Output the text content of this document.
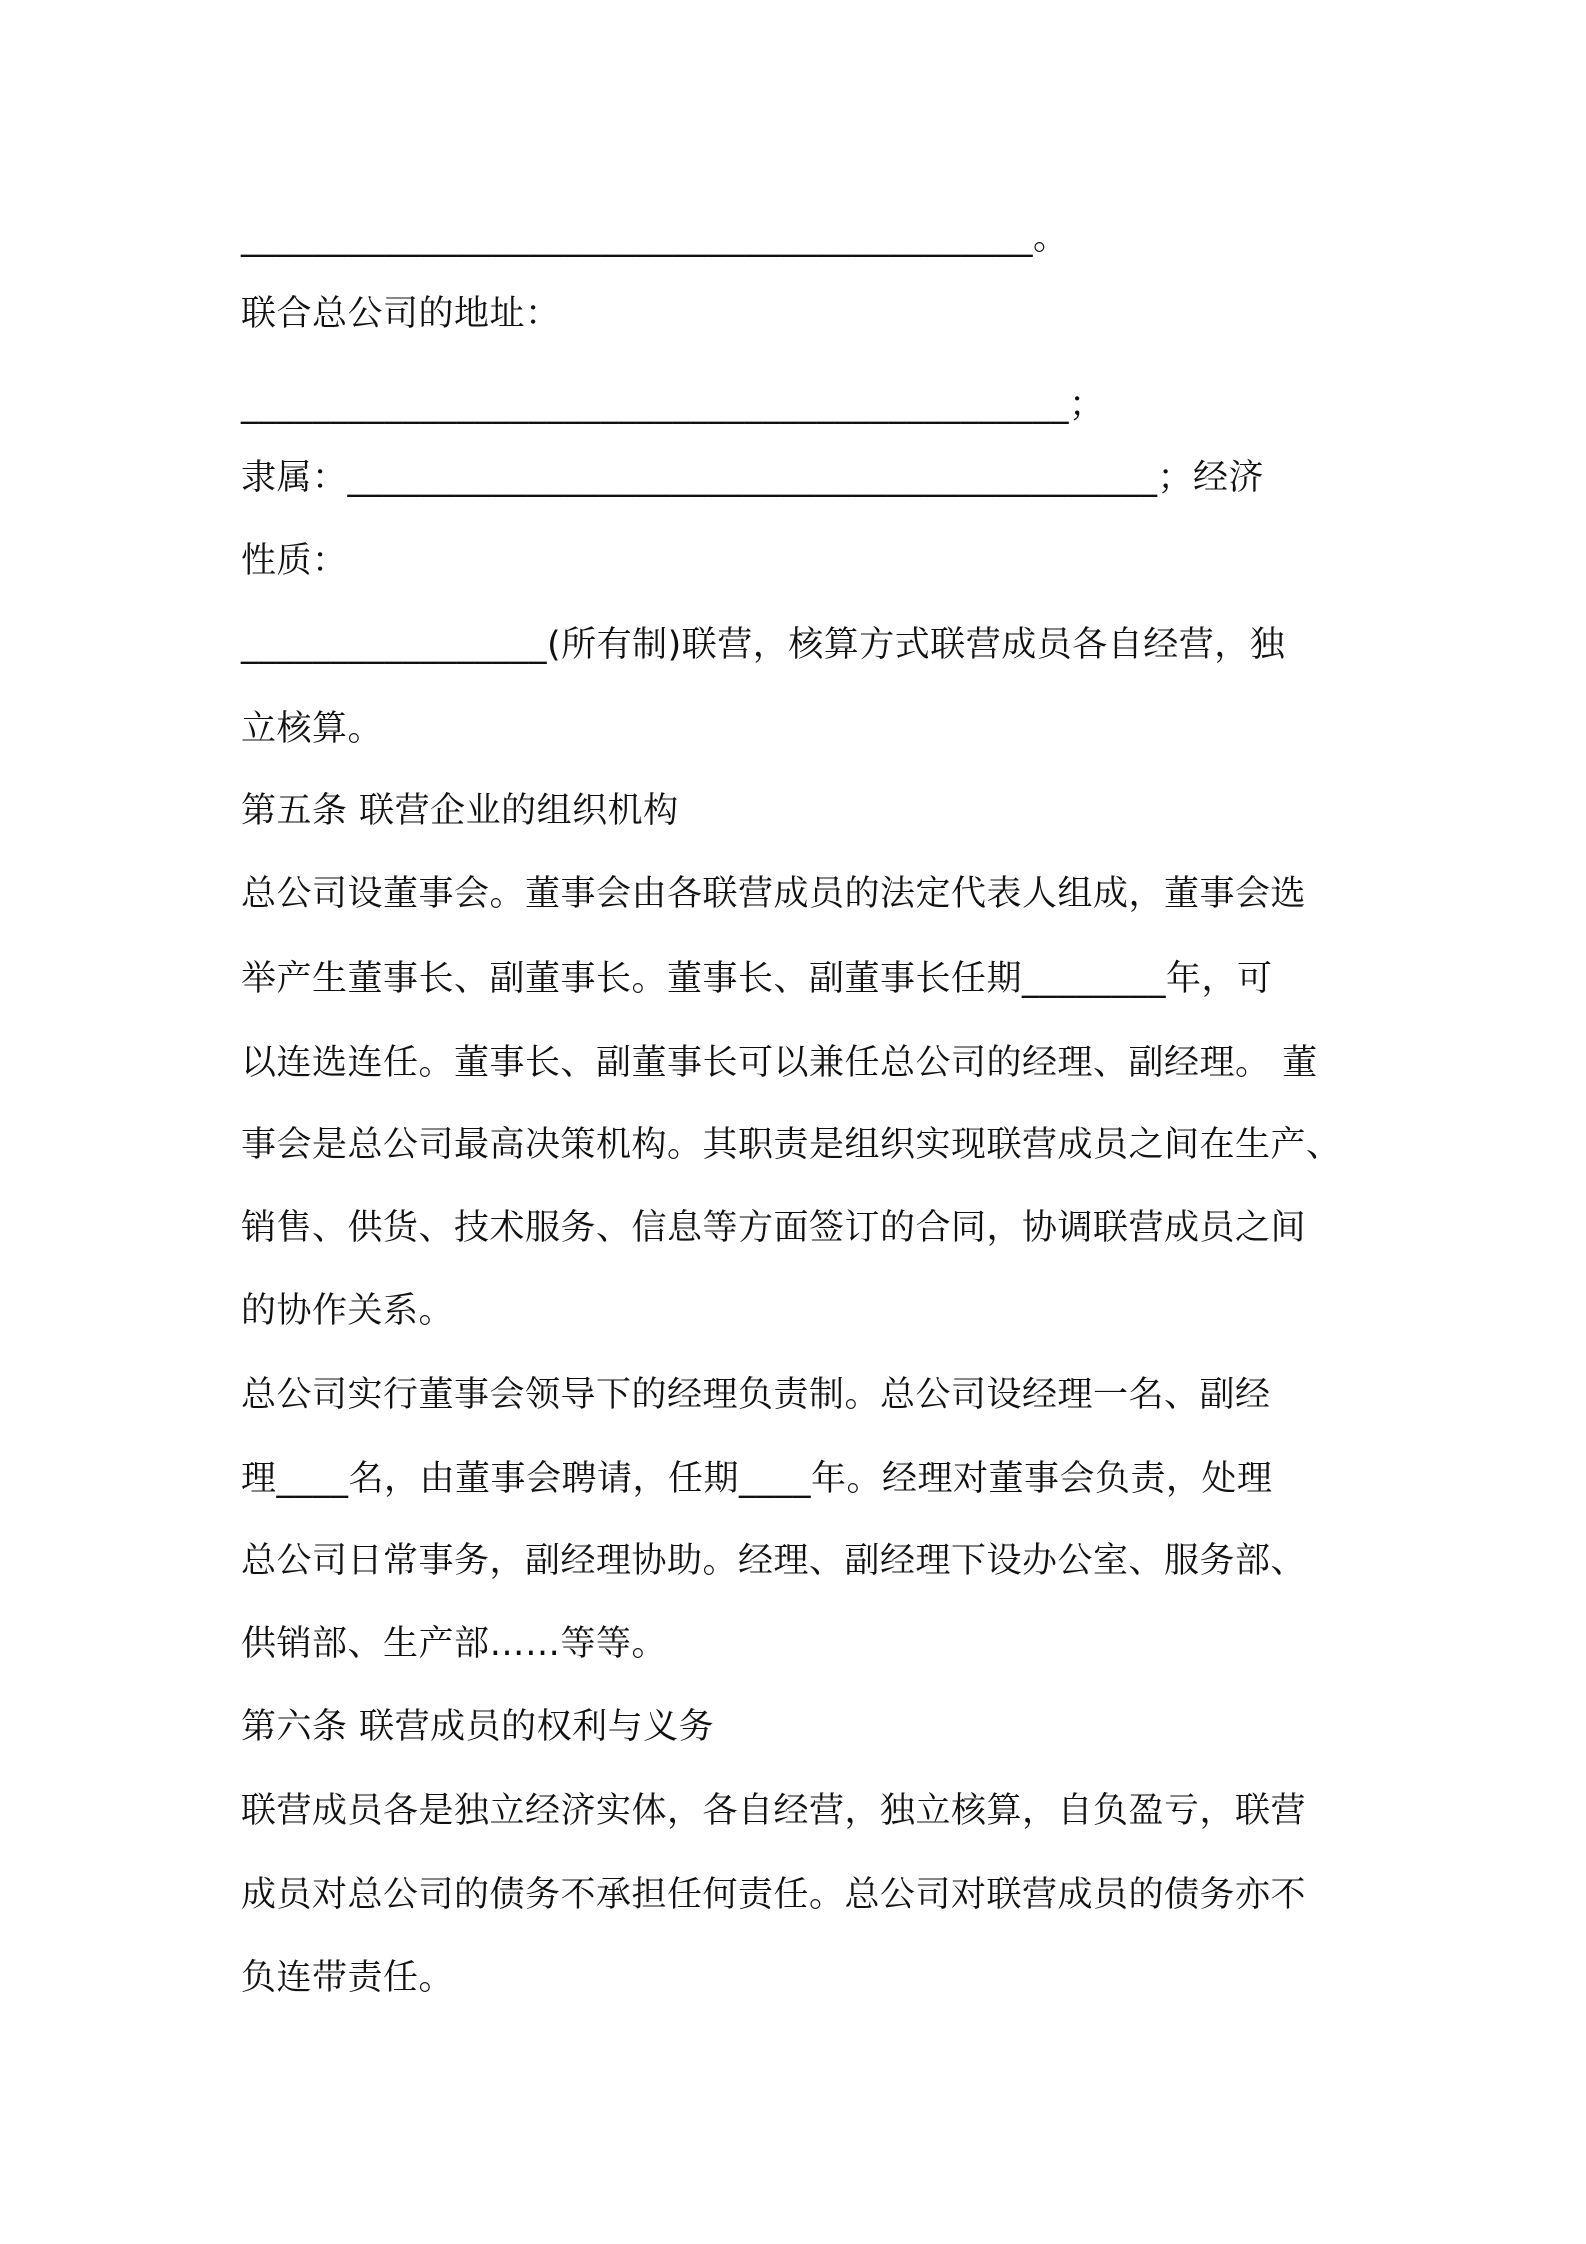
____________________________________________。
联合总公司的地址：
______________________________________________；
隶属：_____________________________________________；经济
性质：
_________________(所有制)联营，核算方式联营成员各自经营，独
立核算。
第五条 联营企业的组织机构
总公司设董事会。董事会由各联营成员的法定代表人组成，董事会选
举产生董事长、副董事长。董事长、副董事长任期________年，可
以连选连任。董事长、副董事长可以兼任总公司的经理、副经理。 董
事会是总公司最高决策机构。其职责是组织实现联营成员之间在生产、
销售、供货、技术服务、信息等方面签订的合同，协调联营成员之间
的协作关系。
总公司实行董事会领导下的经理负责制。总公司设经理一名、副经
理____名，由董事会聘请，任期____年。经理对董事会负责，处理
总公司日常事务，副经理协助。经理、副经理下设办公室、服务部、
供销部、生产部……等等。
第六条 联营成员的权利与义务
联营成员各是独立经济实体，各自经营，独立核算，自负盈亏，联营
成员对总公司的债务不承担任何责任。总公司对联营成员的债务亦不
负连带责任。
